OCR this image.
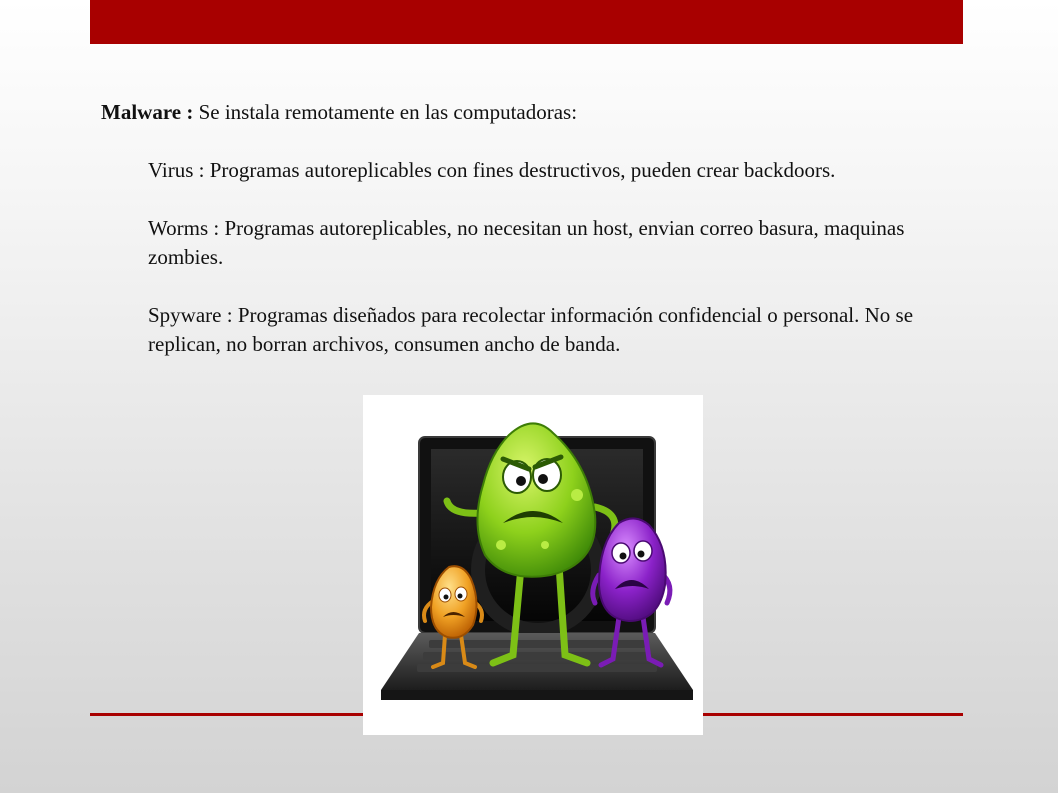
Malware : Se instala remotamente en las computadoras:
Virus : Programas autoreplicables con fines destructivos, pueden crear backdoors.
Worms : Programas autoreplicables, no necesitan un host, envian correo basura, maquinas zombies.
Spyware : Programas diseñados para recolectar información confidencial o personal. No se replican, no borran archivos, consumen ancho de banda.
